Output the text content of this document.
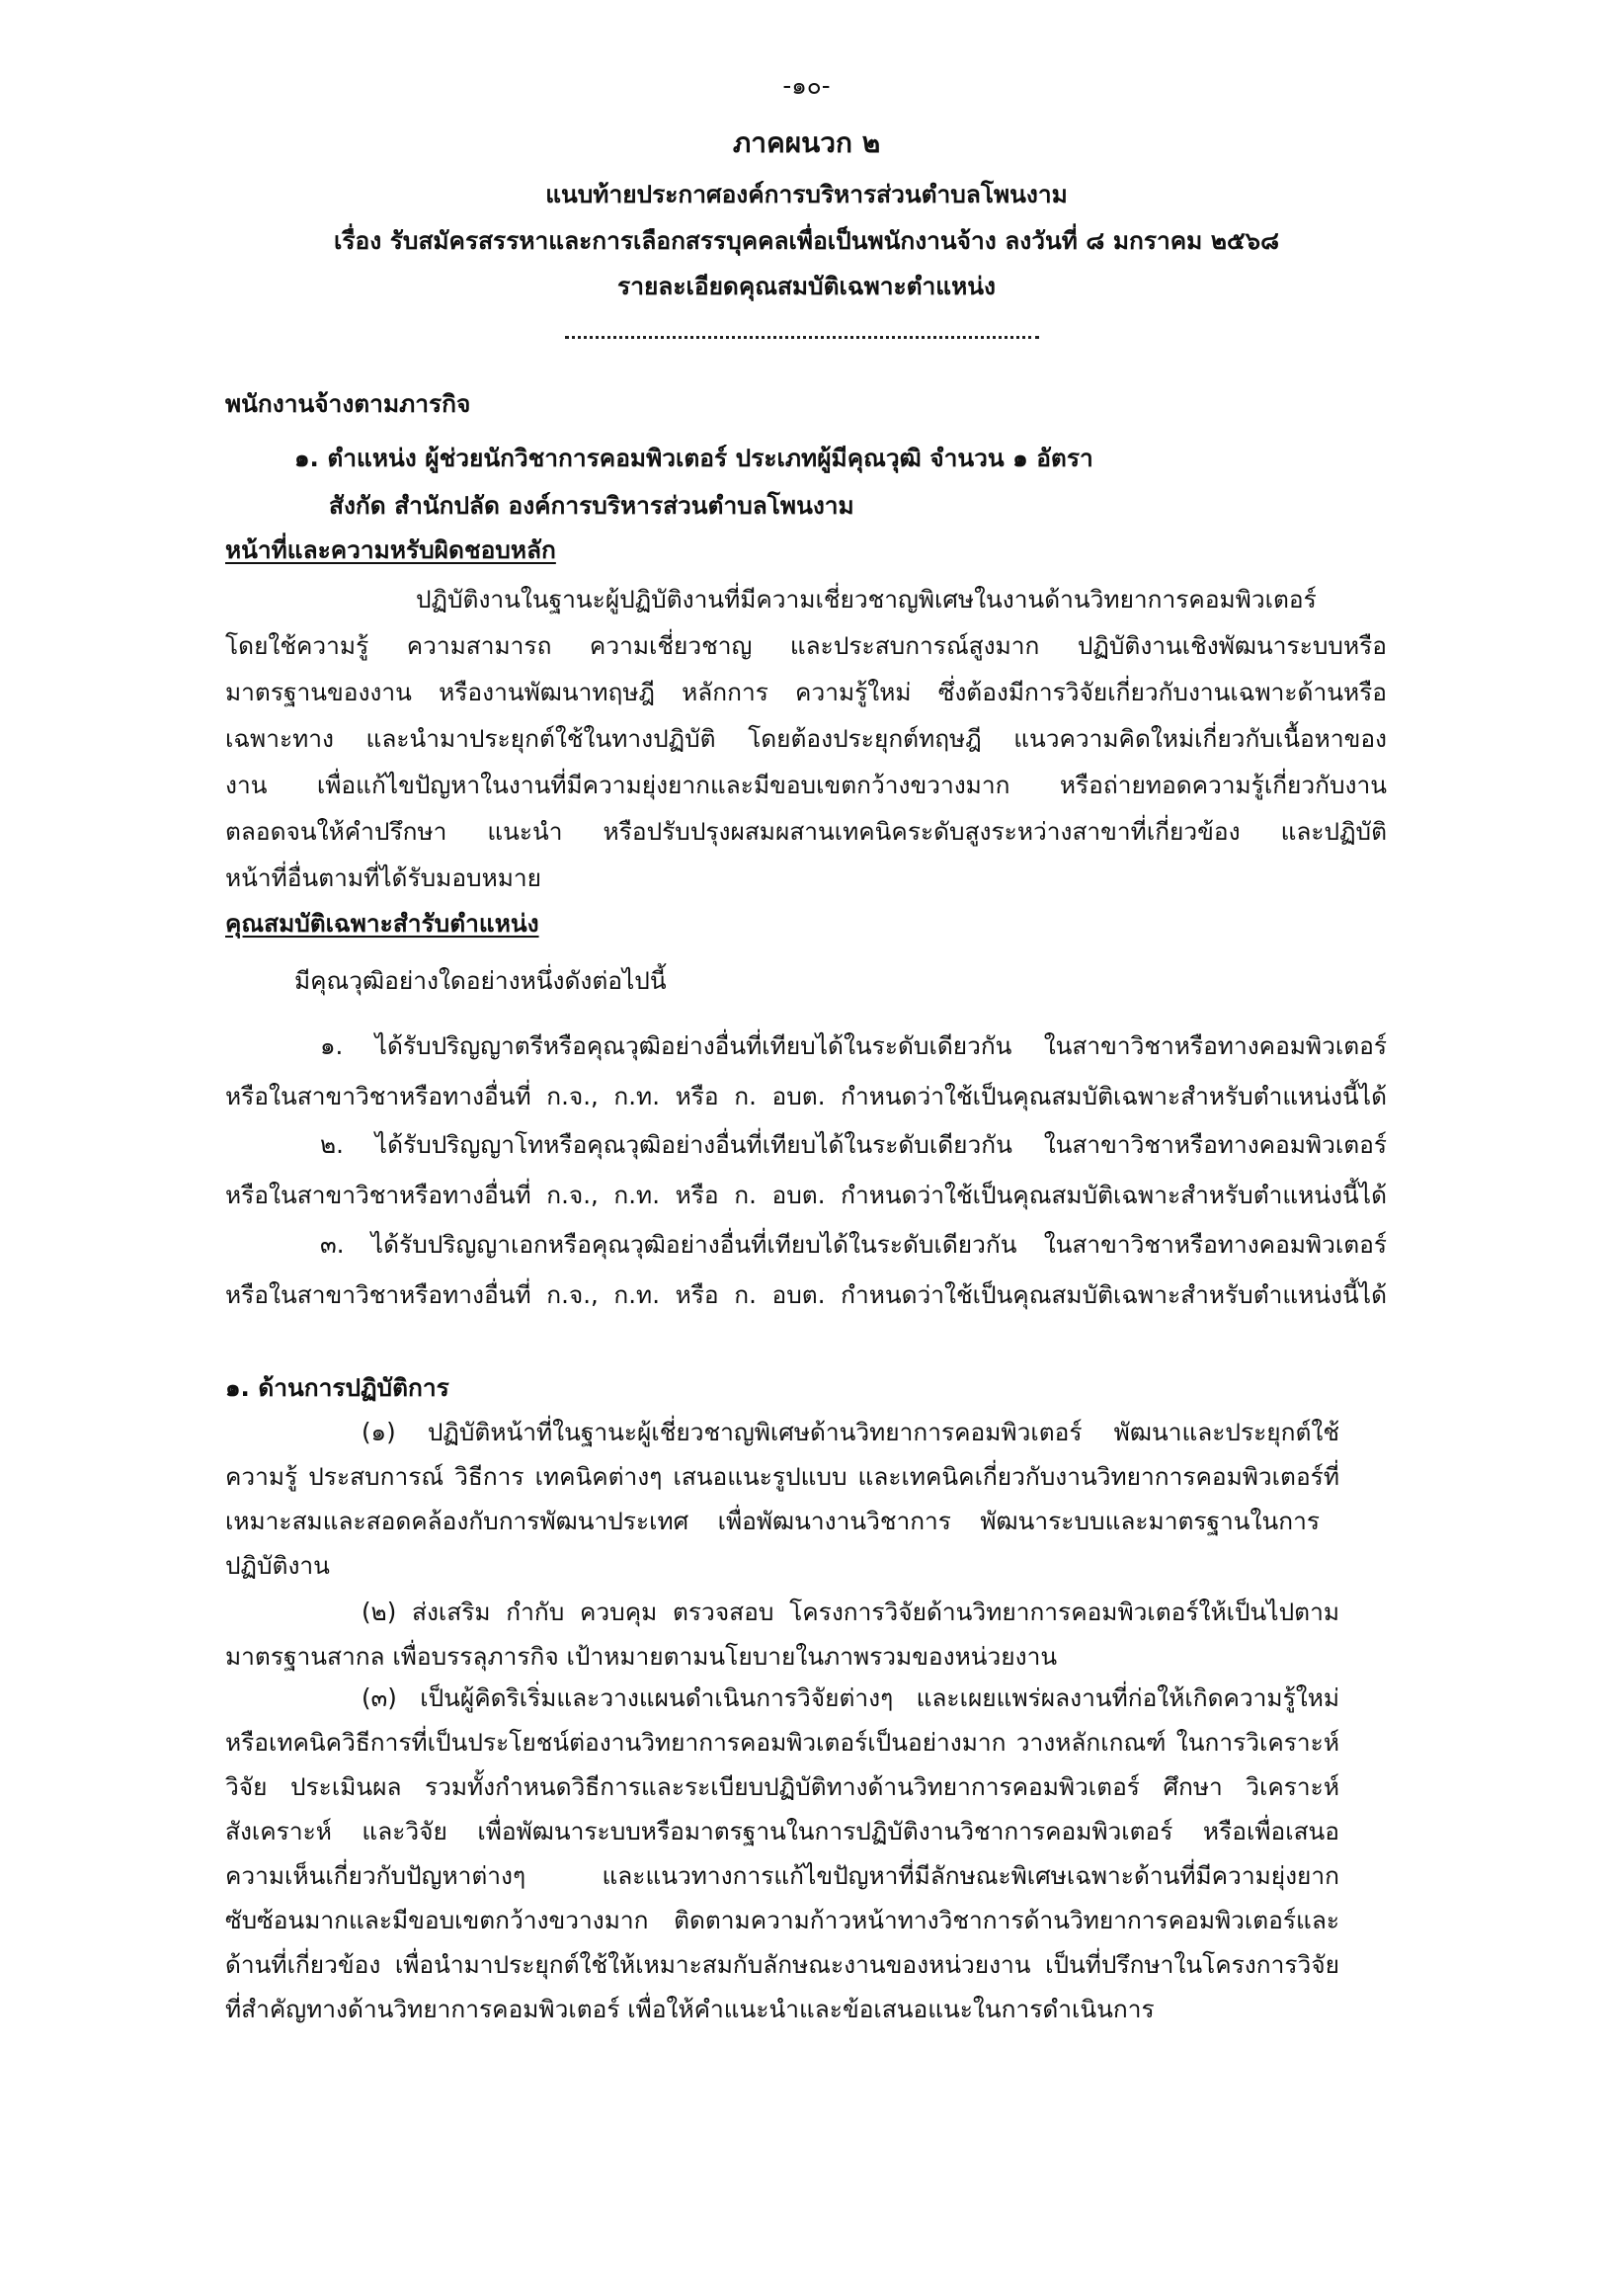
-๑๐-
ภาคผนวก ๒
แนบท้ายประกาศองค์การบริหารส่วนตำบลโพนงาม
เรื่อง รับสมัครสรรหาและการเลือกสรรบุคคลเพื่อเป็นพนักงานจ้าง ลงวันที่ ๘ มกราคม ๒๕๖๘
รายละเอียดคุณสมบัติเฉพาะตำแหน่ง
พนักงานจ้างตามภารกิจ
๑. ตำแหน่ง ผู้ช่วยนักวิชาการคอมพิวเตอร์ ประเภทผู้มีคุณวุฒิ จำนวน ๑ อัตรา
สังกัด สำนักปลัด องค์การบริหารส่วนตำบลโพนงาม
หน้าที่และความหรับผิดชอบหลัก
ปฏิบัติงานในฐานะผู้ปฏิบัติงานที่มีความเชี่ยวชาญพิเศษในงานด้านวิทยาการคอมพิวเตอร์
โดยใช้ความรู้ ความสามารถ ความเชี่ยวชาญ และประสบการณ์สูงมาก ปฏิบัติงานเชิงพัฒนาระบบหรือ
มาตรฐานของงาน หรืองานพัฒนาทฤษฎี หลักการ ความรู้ใหม่ ซึ่งต้องมีการวิจัยเกี่ยวกับงานเฉพาะด้านหรือ
เฉพาะทาง และนำมาประยุกต์ใช้ในทางปฏิบัติ โดยต้องประยุกต์ทฤษฎี แนวความคิดใหม่เกี่ยวกับเนื้อหาของ
งาน เพื่อแก้ไขปัญหาในงานที่มีความยุ่งยากและมีขอบเขตกว้างขวางมาก หรือถ่ายทอดความรู้เกี่ยวกับงาน
ตลอดจนให้คำปรึกษา แนะนำ หรือปรับปรุงผสมผสานเทคนิคระดับสูงระหว่างสาขาที่เกี่ยวข้อง และปฏิบัติ
หน้าที่อื่นตามที่ได้รับมอบหมาย
คุณสมบัติเฉพาะสำรับตำแหน่ง
มีคุณวุฒิอย่างใดอย่างหนึ่งดังต่อไปนี้
๑. ได้รับปริญญาตรีหรือคุณวุฒิอย่างอื่นที่เทียบได้ในระดับเดียวกัน ในสาขาวิชาหรือทางคอมพิวเตอร์
หรือในสาขาวิชาหรือทางอื่นที่ ก.จ., ก.ท. หรือ ก. อบต. กำหนดว่าใช้เป็นคุณสมบัติเฉพาะสำหรับตำแหน่งนี้ได้
๒. ได้รับปริญญาโทหรือคุณวุฒิอย่างอื่นที่เทียบได้ในระดับเดียวกัน ในสาขาวิชาหรือทางคอมพิวเตอร์
หรือในสาขาวิชาหรือทางอื่นที่ ก.จ., ก.ท. หรือ ก. อบต. กำหนดว่าใช้เป็นคุณสมบัติเฉพาะสำหรับตำแหน่งนี้ได้
๓. ได้รับปริญญาเอกหรือคุณวุฒิอย่างอื่นที่เทียบได้ในระดับเดียวกัน ในสาขาวิชาหรือทางคอมพิวเตอร์
หรือในสาขาวิชาหรือทางอื่นที่ ก.จ., ก.ท. หรือ ก. อบต. กำหนดว่าใช้เป็นคุณสมบัติเฉพาะสำหรับตำแหน่งนี้ได้
๑. ด้านการปฏิบัติการ
(๑) ปฏิบัติหน้าที่ในฐานะผู้เชี่ยวชาญพิเศษด้านวิทยาการคอมพิวเตอร์ พัฒนาและประยุกต์ใช้
ความรู้ ประสบการณ์ วิธีการ เทคนิคต่างๆ เสนอแนะรูปแบบ และเทคนิคเกี่ยวกับงานวิทยาการคอมพิวเตอร์ที่
เหมาะสมและสอดคล้องกับการพัฒนาประเทศ เพื่อพัฒนางานวิชาการ พัฒนาระบบและมาตรฐานในการ
ปฏิบัติงาน
(๒) ส่งเสริม กำกับ ควบคุม ตรวจสอบ โครงการวิจัยด้านวิทยาการคอมพิวเตอร์ให้เป็นไปตาม
มาตรฐานสากล เพื่อบรรลุภารกิจ เป้าหมายตามนโยบายในภาพรวมของหน่วยงาน
(๓) เป็นผู้คิดริเริ่มและวางแผนดำเนินการวิจัยต่างๆ และเผยแพร่ผลงานที่ก่อให้เกิดความรู้ใหม่
หรือเทคนิควิธีการที่เป็นประโยชน์ต่องานวิทยาการคอมพิวเตอร์เป็นอย่างมาก วางหลักเกณฑ์ ในการวิเคราะห์
วิจัย ประเมินผล รวมทั้งกำหนดวิธีการและระเบียบปฏิบัติทางด้านวิทยาการคอมพิวเตอร์ ศึกษา วิเคราะห์
สังเคราะห์ และวิจัย เพื่อพัฒนาระบบหรือมาตรฐานในการปฏิบัติงานวิชาการคอมพิวเตอร์ หรือเพื่อเสนอ
ความเห็นเกี่ยวกับปัญหาต่างๆ และแนวทางการแก้ไขปัญหาที่มีลักษณะพิเศษเฉพาะด้านที่มีความยุ่งยาก
ซับซ้อนมากและมีขอบเขตกว้างขวางมาก ติดตามความก้าวหน้าทางวิชาการด้านวิทยาการคอมพิวเตอร์และ
ด้านที่เกี่ยวข้อง เพื่อนำมาประยุกต์ใช้ให้เหมาะสมกับลักษณะงานของหน่วยงาน เป็นที่ปรึกษาในโครงการวิจัย
ที่สำคัญทางด้านวิทยาการคอมพิวเตอร์ เพื่อให้คำแนะนำและข้อเสนอแนะในการดำเนินการ
